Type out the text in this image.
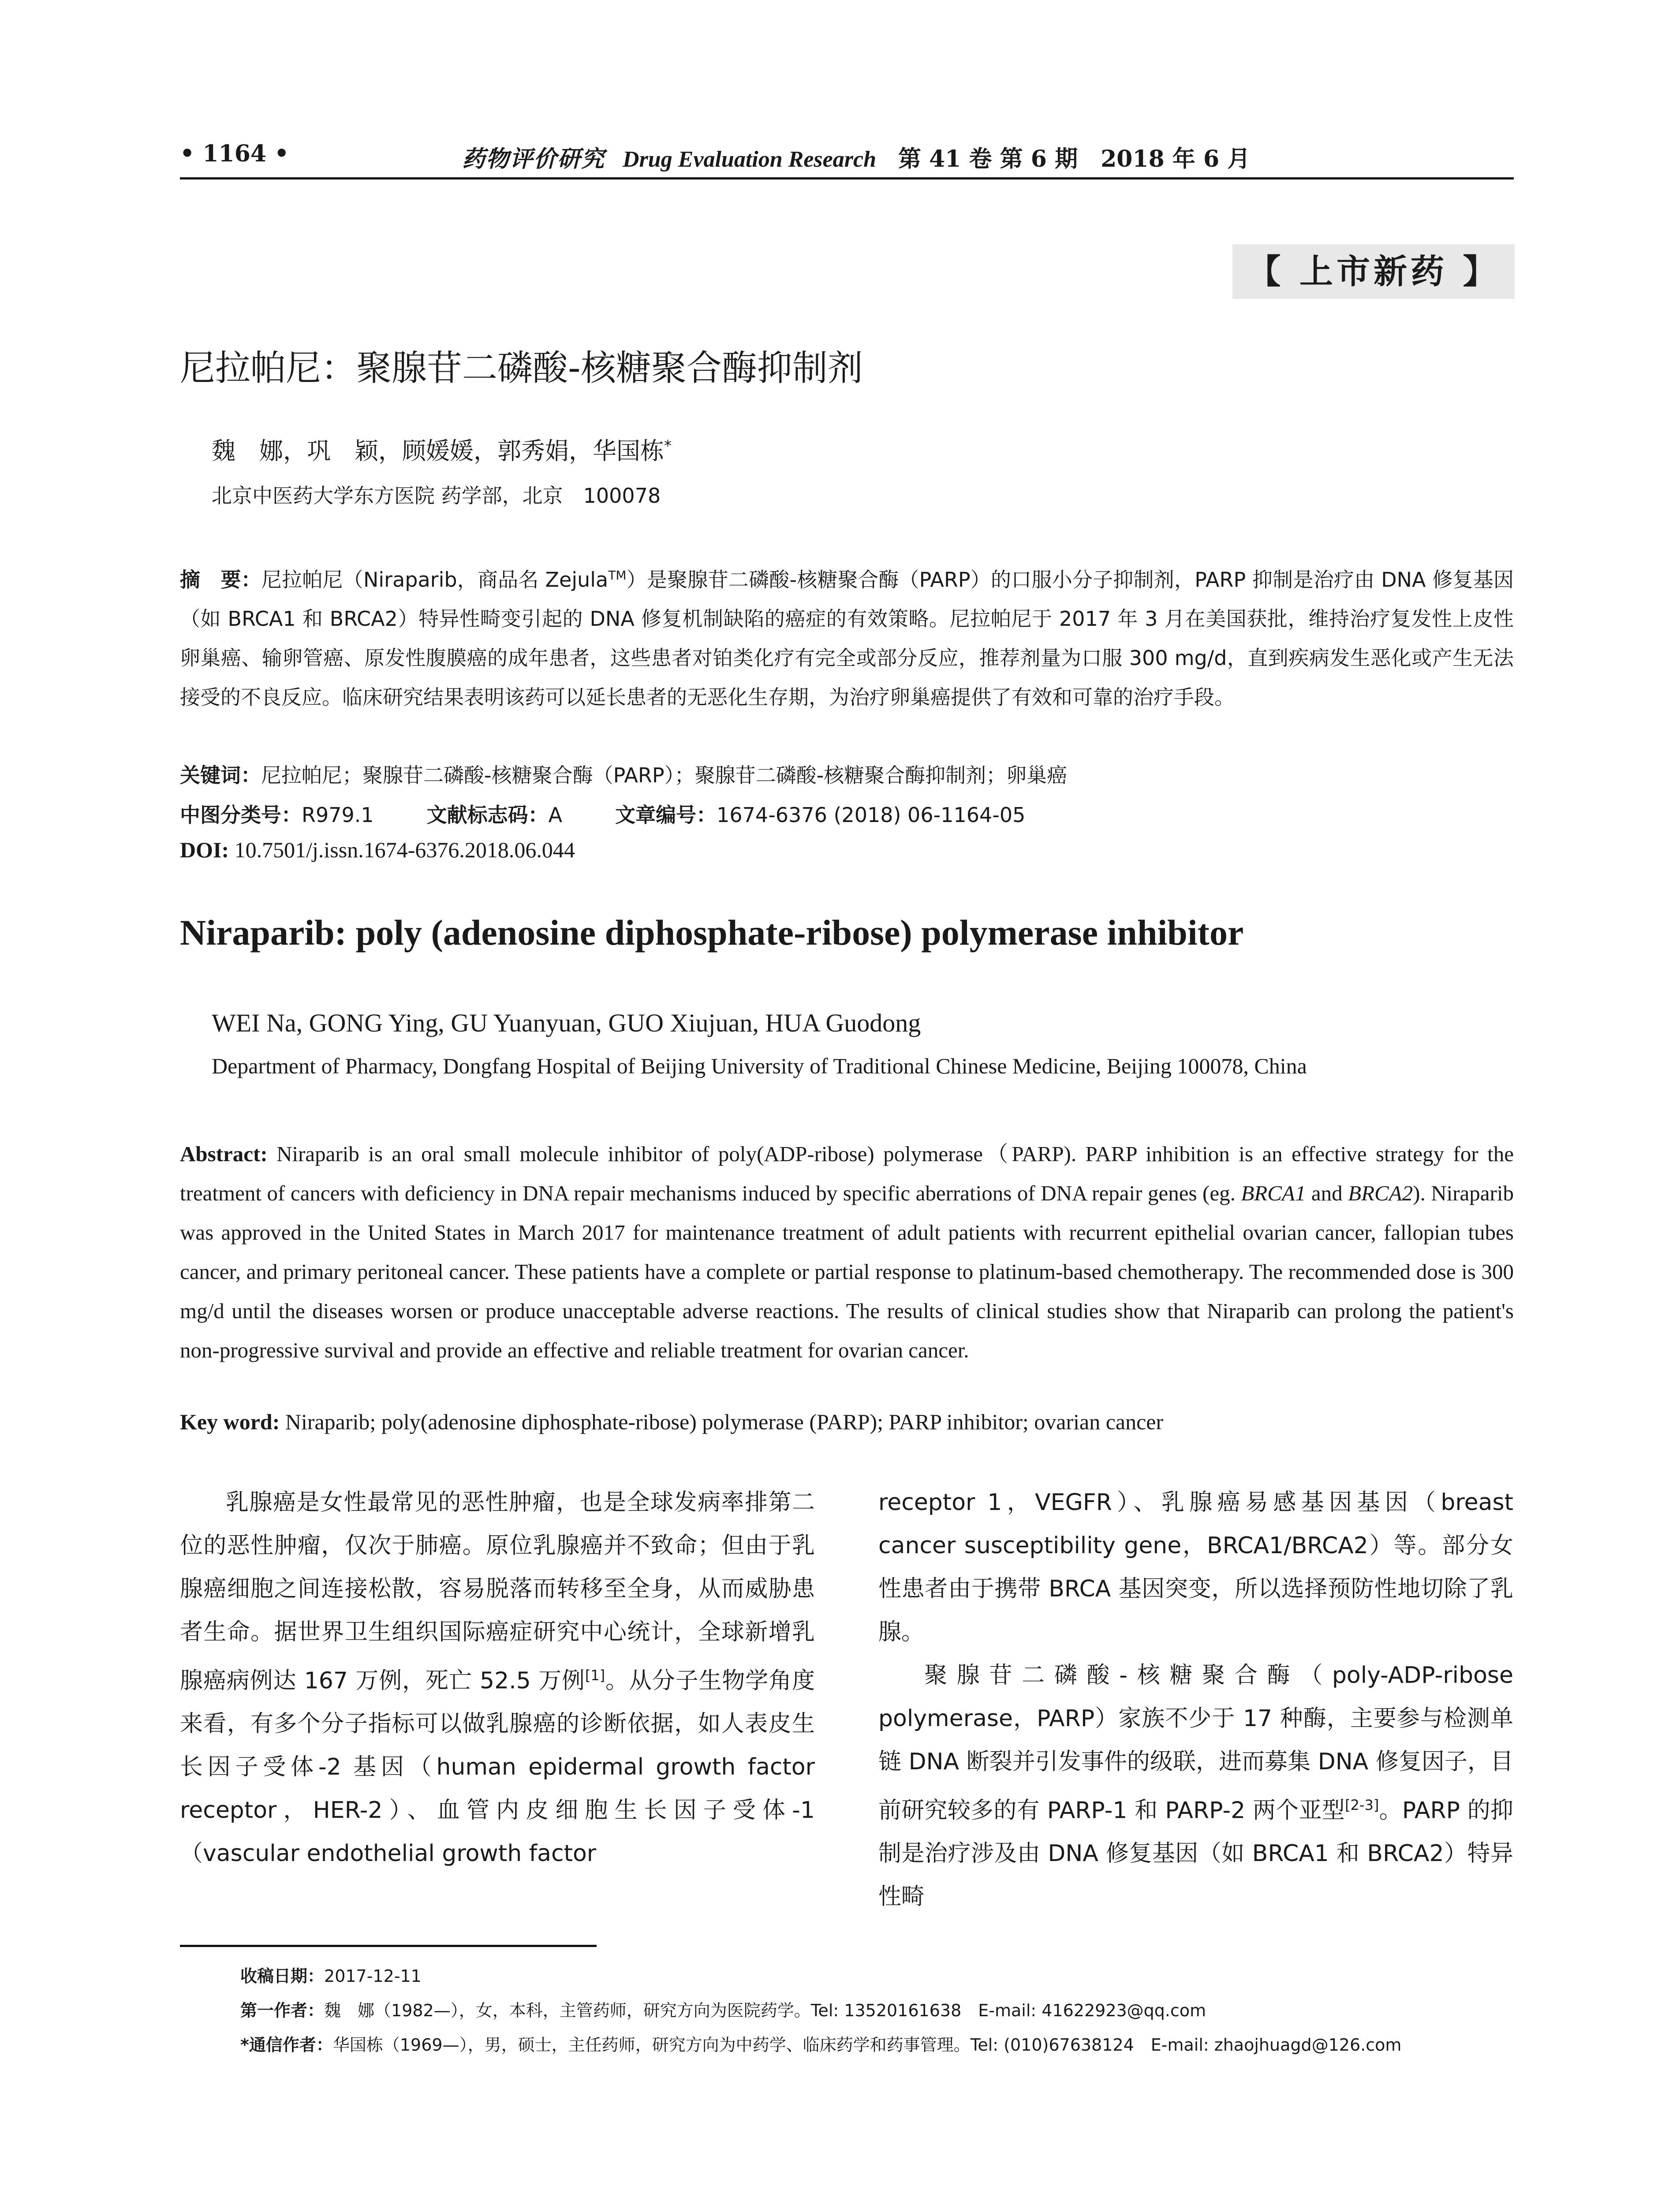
• 1164 •	药物评价研究 Drug Evaluation Research 第 41 卷 第 6 期　2018 年 6 月
【 上市新药 】
尼拉帕尼：聚腺苷二磷酸-核糖聚合酶抑制剂
魏　娜，巩　颖，顾媛媛，郭秀娟，华国栋*
北京中医药大学东方医院 药学部，北京　100078
摘　要：尼拉帕尼（Niraparib，商品名 Zejula™）是聚腺苷二磷酸-核糖聚合酶（PARP）的口服小分子抑制剂，PARP 抑制是治疗由 DNA 修复基因（如 BRCA1 和 BRCA2）特异性畸变引起的 DNA 修复机制缺陷的癌症的有效策略。尼拉帕尼于 2017 年 3 月在美国获批，维持治疗复发性上皮性卵巢癌、输卵管癌、原发性腹膜癌的成年患者，这些患者对铂类化疗有完全或部分反应，推荐剂量为口服 300 mg/d，直到疾病发生恶化或产生无法接受的不良反应。临床研究结果表明该药可以延长患者的无恶化生存期，为治疗卵巢癌提供了有效和可靠的治疗手段。
关键词：尼拉帕尼；聚腺苷二磷酸-核糖聚合酶（PARP）；聚腺苷二磷酸-核糖聚合酶抑制剂；卵巢癌
中图分类号：R979.1	文献标志码：A	文章编号：1674-6376 (2018) 06-1164-05
DOI: 10.7501/j.issn.1674-6376.2018.06.044
Niraparib: poly (adenosine diphosphate-ribose) polymerase inhibitor
WEI Na, GONG Ying, GU Yuanyuan, GUO Xiujuan, HUA Guodong
Department of Pharmacy, Dongfang Hospital of Beijing University of Traditional Chinese Medicine, Beijing 100078, China
Abstract: Niraparib is an oral small molecule inhibitor of poly(ADP-ribose) polymerase（PARP). PARP inhibition is an effective strategy for the treatment of cancers with deficiency in DNA repair mechanisms induced by specific aberrations of DNA repair genes (eg. BRCA1 and BRCA2). Niraparib was approved in the United States in March 2017 for maintenance treatment of adult patients with recurrent epithelial ovarian cancer, fallopian tubes cancer, and primary peritoneal cancer. These patients have a complete or partial response to platinum-based chemotherapy. The recommended dose is 300 mg/d until the diseases worsen or produce unacceptable adverse reactions. The results of clinical studies show that Niraparib can prolong the patient's non-progressive survival and provide an effective and reliable treatment for ovarian cancer.
Key word: Niraparib; poly(adenosine diphosphate-ribose) polymerase (PARP); PARP inhibitor; ovarian cancer

乳腺癌是女性最常见的恶性肿瘤，也是全球发病率排第二位的恶性肿瘤，仅次于肺癌。原位乳腺癌并不致命；但由于乳腺癌细胞之间连接松散，容易脱落而转移至全身，从而威胁患者生命。据世界卫生组织国际癌症研究中心统计，全球新增乳腺癌病例达 167 万例，死亡 52.5 万例[1]。从分子生物学角度来看，有多个分子指标可以做乳腺癌的诊断依据，如人表皮生长因子受体-2 基因（human epidermal growth factor receptor，HER-2）、血管内皮细胞生长因子受体-1（vascular endothelial growth factor

receptor 1，VEGFR）、乳腺癌易感基因基因（breast cancer susceptibility gene，BRCA1/BRCA2）等。部分女性患者由于携带 BRCA 基因突变，所以选择预防性地切除了乳腺。

聚腺苷二磷酸-核糖聚合酶（poly-ADP-ribose polymerase，PARP）家族不少于 17 种酶，主要参与检测单链 DNA 断裂并引发事件的级联，进而募集 DNA 修复因子，目前研究较多的有 PARP-1 和 PARP-2 两个亚型[2-3]。PARP 的抑制是治疗涉及由 DNA 修复基因（如 BRCA1 和 BRCA2）特异性畸

收稿日期：2017-12-11
第一作者：魏　娜（1982—），女，本科，主管药师，研究方向为医院药学。Tel: 13520161638　E-mail: 41622923@qq.com
*通信作者：华国栋（1969—），男，硕士，主任药师，研究方向为中药学、临床药学和药事管理。Tel: (010)67638124　E-mail: zhaojhuagd@126.com
